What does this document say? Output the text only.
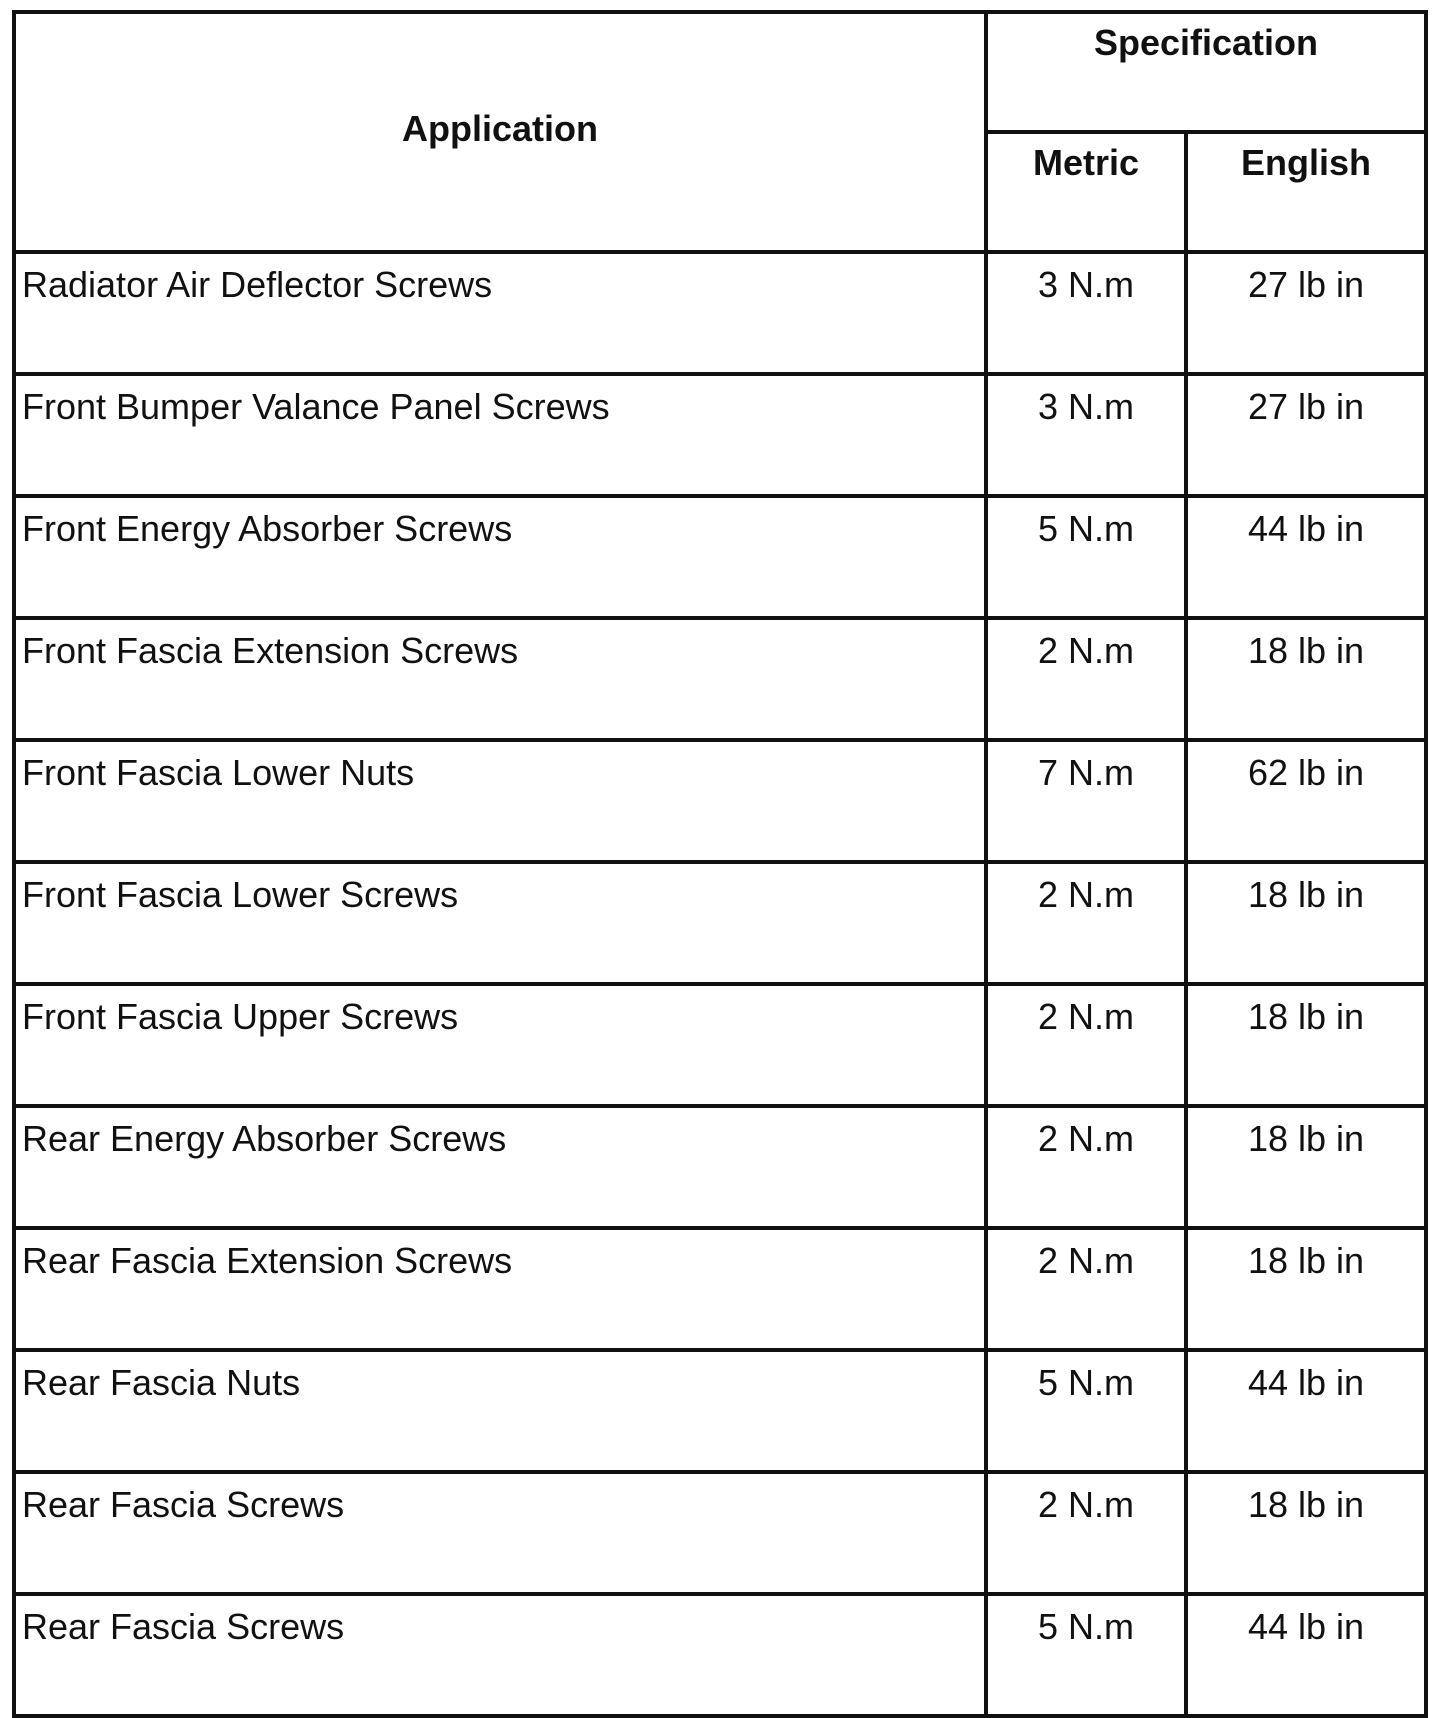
Application	Specification	
	Metric	English
Radiator Air Deflector Screws	3 N.m	27 lb in
Front Bumper Valance Panel Screws	3 N.m	27 lb in
Front Energy Absorber Screws	5 N.m	44 lb in
Front Fascia Extension Screws	2 N.m	18 lb in
Front Fascia Lower Nuts	7 N.m	62 lb in
Front Fascia Lower Screws	2 N.m	18 lb in
Front Fascia Upper Screws	2 N.m	18 lb in
Rear Energy Absorber Screws	2 N.m	18 lb in
Rear Fascia Extension Screws	2 N.m	18 lb in
Rear Fascia Nuts	5 N.m	44 lb in
Rear Fascia Screws	2 N.m	18 lb in
Rear Fascia Screws	5 N.m	44 lb in
